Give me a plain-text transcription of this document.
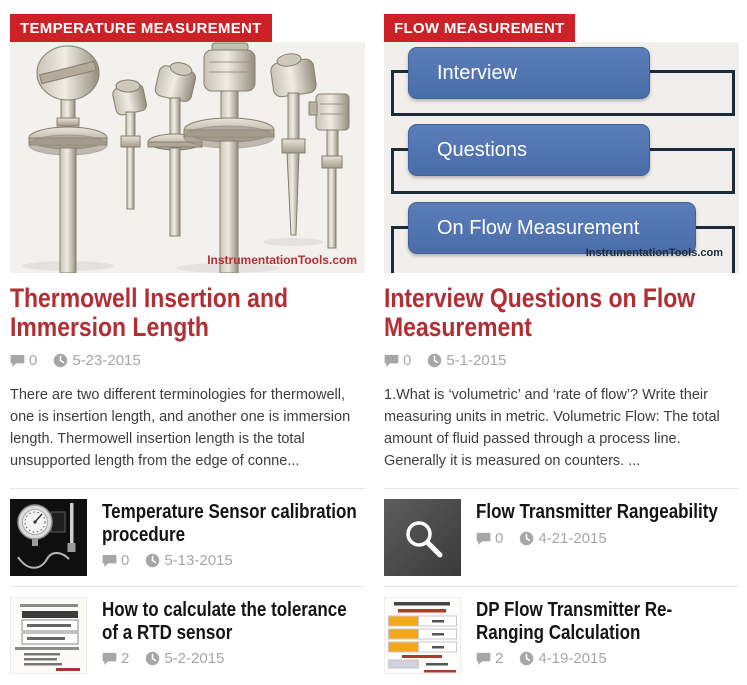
TEMPERATURE MEASUREMENT
InstrumentationTools.com
Thermowell Insertion and Immersion Length
0 5-23-2015
There are two different terminologies for thermowell, one is insertion length, and another one is immersion length. Thermowell insertion length is the total unsupported length from the edge of conne...
Temperature Sensor calibration procedure
0 5-13-2015
How to calculate the tolerance of a RTD sensor
2 5-2-2015
FLOW MEASUREMENT
Interview
Questions
On Flow Measurement
InstrumentationTools.com
Interview Questions on Flow Measurement
0 5-1-2015
1.What is ‘volumetric’ and ‘rate of flow’? Write their measuring units in metric. Volumetric Flow: The total amount of fluid passed through a process line. Generally it is measured on counters. ...
Flow Transmitter Rangeability
0 4-21-2015
DP Flow Transmitter Re-Ranging Calculation
2 4-19-2015
